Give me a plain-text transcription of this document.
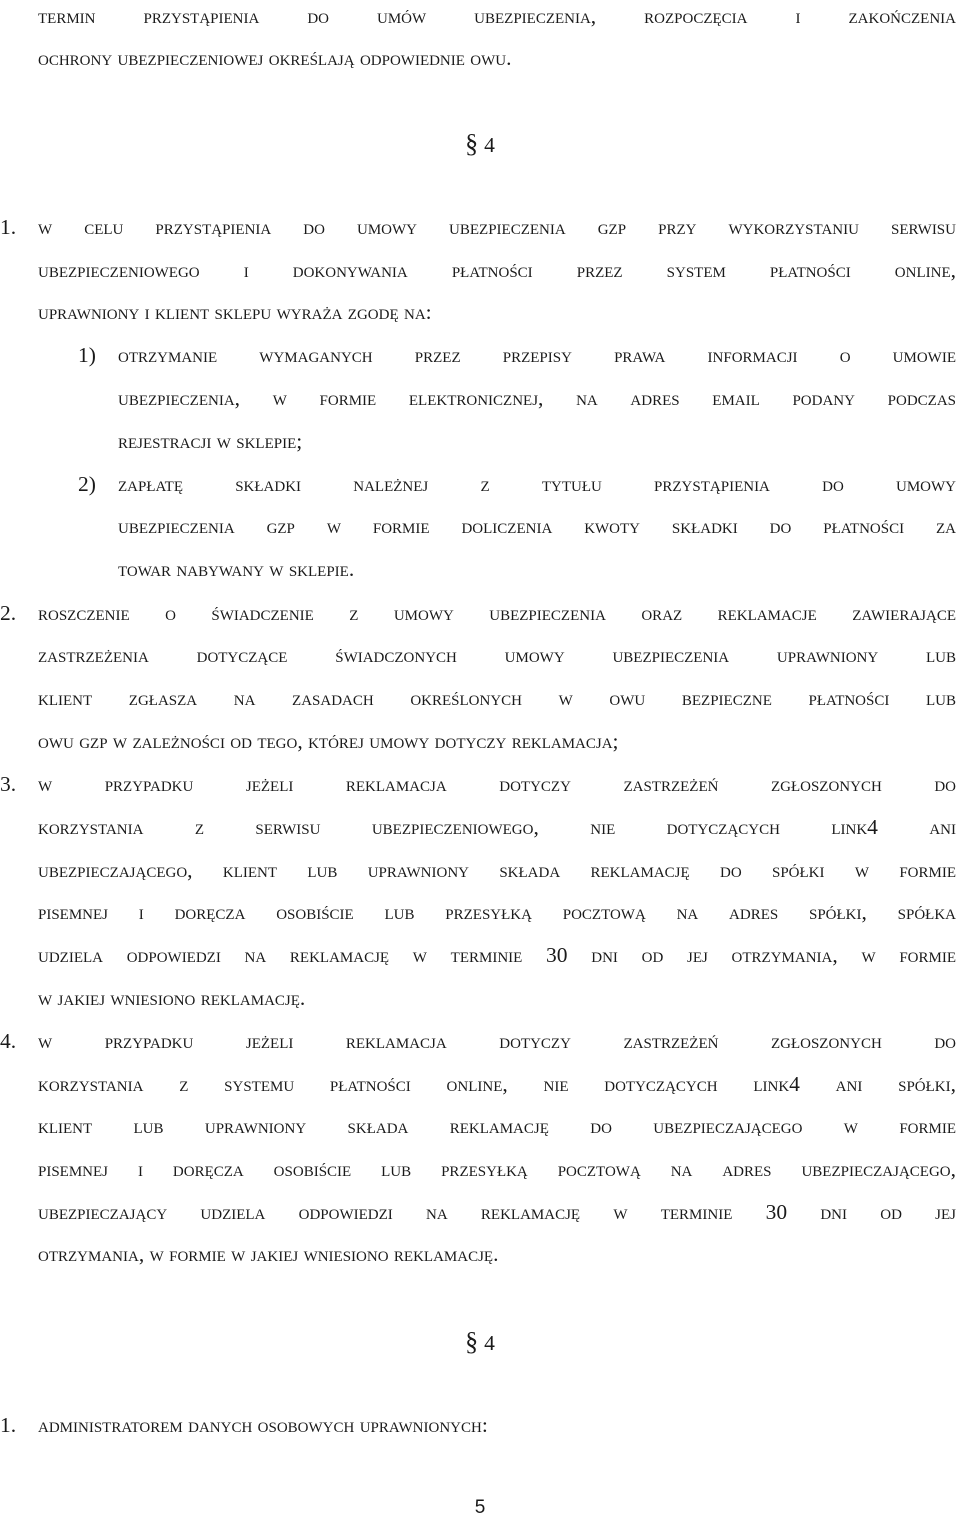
termin przystąpienia do umów ubezpieczenia, rozpoczęcia i zakończenia
ochrony ubezpieczeniowej określają odpowiednie owu.
§ 4
1. w celu przystąpienia do umowy ubezpieczenia gzp przy wykorzystaniu serwisu
ubezpieczeniowego i dokonywania płatności przez system płatności online,
uprawniony i klient sklepu wyraża zgodę na:
1) otrzymanie wymaganych przez przepisy prawa informacji o umowie
ubezpieczenia, w formie elektronicznej, na adres email podany podczas
rejestracji w sklepie;
2) zapłatę składki należnej z tytułu przystąpienia do umowy
ubezpieczenia gzp w formie doliczenia kwoty składki do płatności za
towar nabywany w sklepie.
2. roszczenie o świadczenie z umowy ubezpieczenia oraz reklamacje zawierające
zastrzeżenia dotyczące świadczonych umowy ubezpieczenia uprawniony lub
klient zgłasza na zasadach określonych w owu bezpieczne płatności lub
owu gzp w zależności od tego, której umowy dotyczy reklamacja;
3. w przypadku jeżeli reklamacja dotyczy zastrzeżeń zgłoszonych do
korzystania z serwisu ubezpieczeniowego, nie dotyczących link4 ani
ubezpieczającego, klient lub uprawniony składa reklamację do spółki w formie
pisemnej i doręcza osobiście lub przesyłką pocztową na adres spółki, spółka
udziela odpowiedzi na reklamację w terminie 30 dni od jej otrzymania, w formie
w jakiej wniesiono reklamację.
4. w przypadku jeżeli reklamacja dotyczy zastrzeżeń zgłoszonych do
korzystania z systemu płatności online, nie dotyczących link4 ani spółki,
klient lub uprawniony składa reklamację do ubezpieczającego w formie
pisemnej i doręcza osobiście lub przesyłką pocztową na adres ubezpieczającego,
ubezpieczający udziela odpowiedzi na reklamację w terminie 30 dni od jej
otrzymania, w formie w jakiej wniesiono reklamację.
§ 4
1. administratorem danych osobowych uprawnionych:
5
